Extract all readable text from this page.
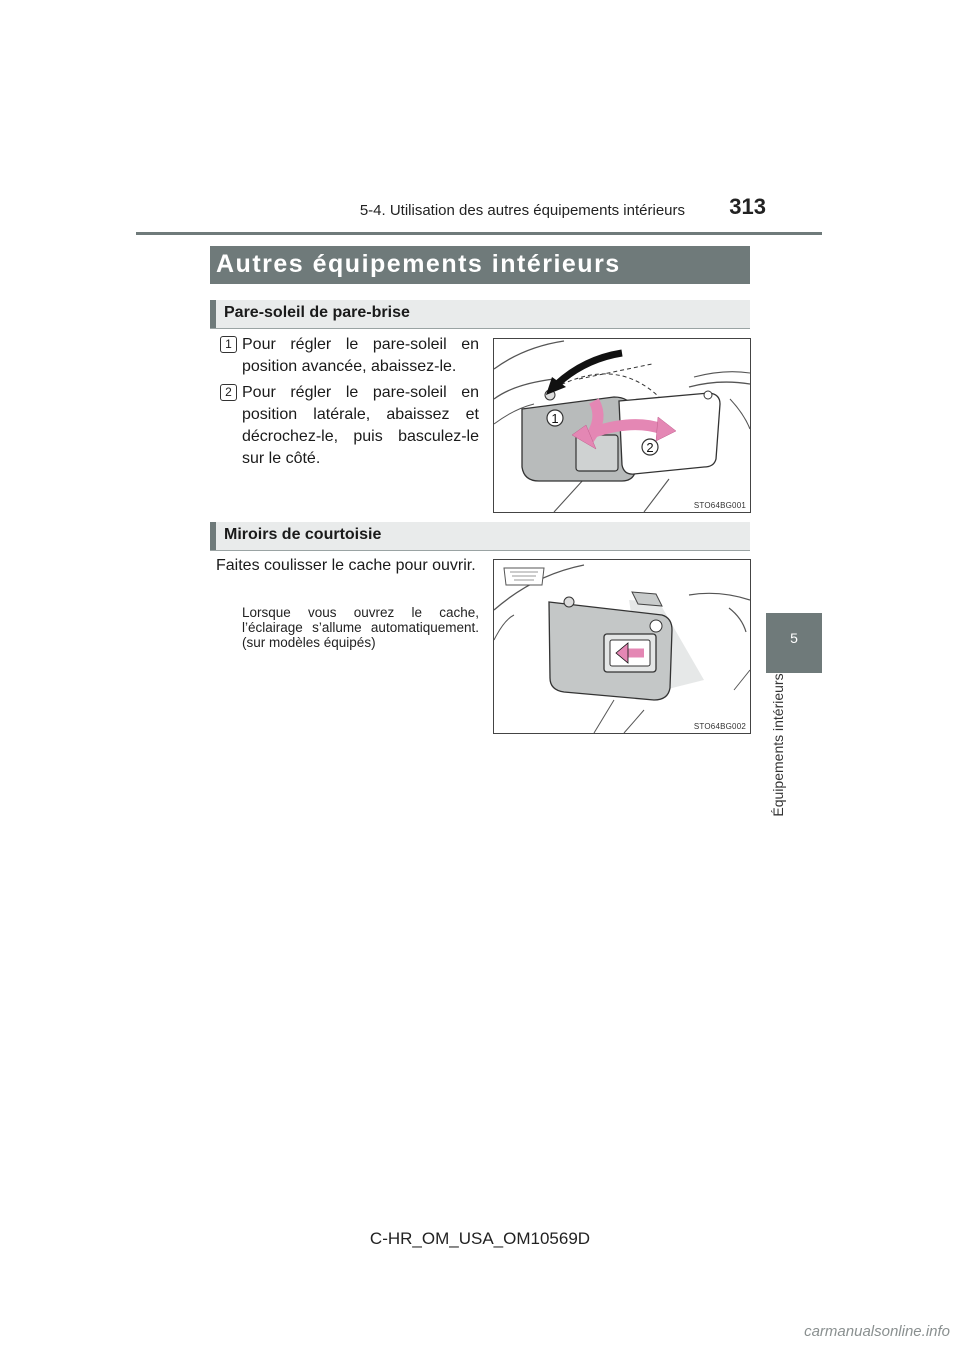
5-4. Utilisation des autres équipements intérieurs	313
5
Équipements intérieurs
Autres équipements intérieurs
Pare-soleil de pare-brise
1 Pour régler le pare-soleil en position avancée, abaissez-le.
2 Pour régler le pare-soleil en position latérale, abaissez et décrochez-le, puis basculez-le sur le côté.
1
2
STO64BG001
Miroirs de courtoisie
Faites coulisser le cache pour ouvrir.
Lorsque vous ouvrez le cache, l’éclairage s’allume automatiquement. (sur modèles équipés)
STO64BG002
C-HR_OM_USA_OM10569D
carmanualsonline.info
